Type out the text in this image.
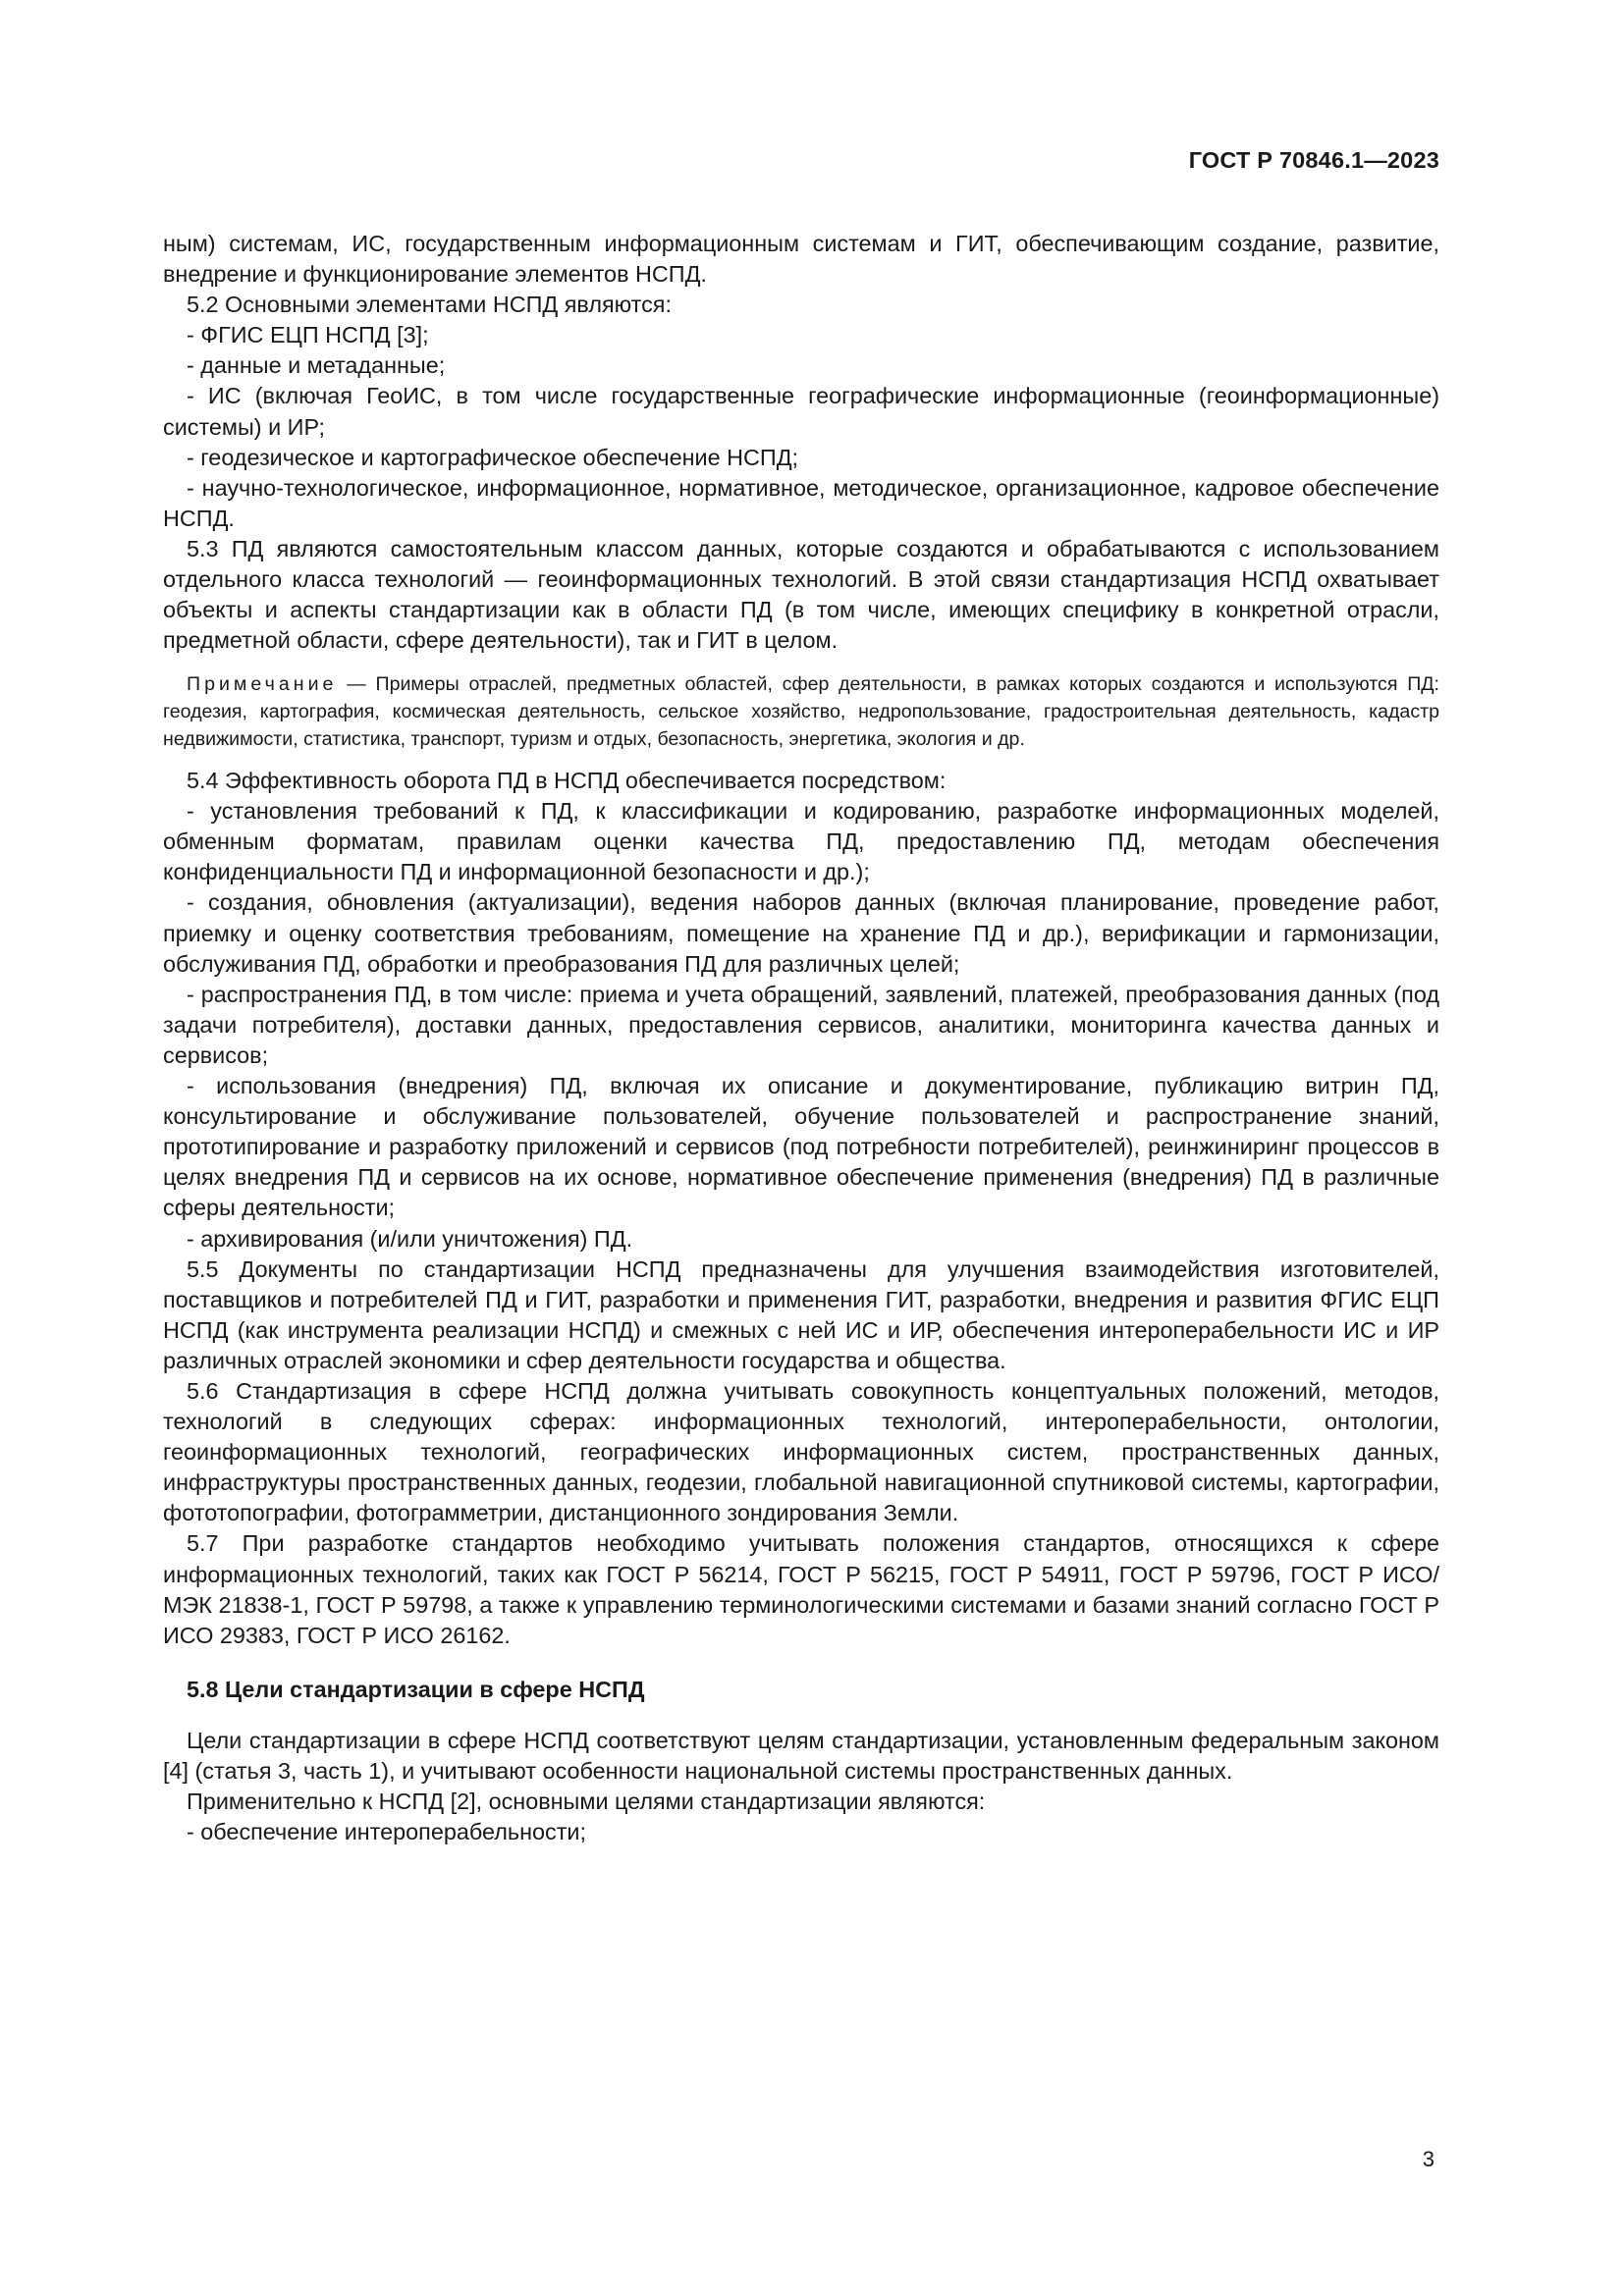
ГОСТ Р 70846.1—2023

ным) системам, ИС, государственным информационным системам и ГИТ, обеспечивающим создание, развитие, внедрение и функционирование элементов НСПД.

5.2 Основными элементами НСПД являются:

- ФГИС ЕЦП НСПД [3];

- данные и метаданные;

- ИС (включая ГеоИС, в том числе государственные географические информационные (геоинформационные) системы) и ИР;

- геодезическое и картографическое обеспечение НСПД;

- научно-технологическое, информационное, нормативное, методическое, организационное, кадровое обеспечение НСПД.

5.3 ПД являются самостоятельным классом данных, которые создаются и обрабатываются с использованием отдельного класса технологий — геоинформационных технологий. В этой связи стандартизация НСПД охватывает объекты и аспекты стандартизации как в области ПД (в том числе, имеющих специфику в конкретной отрасли, предметной области, сфере деятельности), так и ГИТ в целом.

Примечание — Примеры отраслей, предметных областей, сфер деятельности, в рамках которых создаются и используются ПД: геодезия, картография, космическая деятельность, сельское хозяйство, недропользование, градостроительная деятельность, кадастр недвижимости, статистика, транспорт, туризм и отдых, безопасность, энергетика, экология и др.

5.4 Эффективность оборота ПД в НСПД обеспечивается посредством:

- установления требований к ПД, к классификации и кодированию, разработке информационных моделей, обменным форматам, правилам оценки качества ПД, предоставлению ПД, методам обеспечения конфиденциальности ПД и информационной безопасности и др.);

- создания, обновления (актуализации), ведения наборов данных (включая планирование, проведение работ, приемку и оценку соответствия требованиям, помещение на хранение ПД и др.), верификации и гармонизации, обслуживания ПД, обработки и преобразования ПД для различных целей;

- распространения ПД, в том числе: приема и учета обращений, заявлений, платежей, преобразования данных (под задачи потребителя), доставки данных, предоставления сервисов, аналитики, мониторинга качества данных и сервисов;

- использования (внедрения) ПД, включая их описание и документирование, публикацию витрин ПД, консультирование и обслуживание пользователей, обучение пользователей и распространение знаний, прототипирование и разработку приложений и сервисов (под потребности потребителей), реинжиниринг процессов в целях внедрения ПД и сервисов на их основе, нормативное обеспечение применения (внедрения) ПД в различные сферы деятельности;

- архивирования (и/или уничтожения) ПД.

5.5 Документы по стандартизации НСПД предназначены для улучшения взаимодействия изготовителей, поставщиков и потребителей ПД и ГИТ, разработки и применения ГИТ, разработки, внедрения и развития ФГИС ЕЦП НСПД (как инструмента реализации НСПД) и смежных с ней ИС и ИР, обеспечения интероперабельности ИС и ИР различных отраслей экономики и сфер деятельности государства и общества.

5.6 Стандартизация в сфере НСПД должна учитывать совокупность концептуальных положений, методов, технологий в следующих сферах: информационных технологий, интероперабельности, онтологии, геоинформационных технологий, географических информационных систем, пространственных данных, инфраструктуры пространственных данных, геодезии, глобальной навигационной спутниковой системы, картографии, фототопографии, фотограмметрии, дистанционного зондирования Земли.

5.7 При разработке стандартов необходимо учитывать положения стандартов, относящихся к сфере информационных технологий, таких как ГОСТ Р 56214, ГОСТ Р 56215, ГОСТ Р 54911, ГОСТ Р 59796, ГОСТ Р ИСО/МЭК 21838-1, ГОСТ Р 59798, а также к управлению терминологическими системами и базами знаний согласно ГОСТ Р ИСО 29383, ГОСТ Р ИСО 26162.

5.8 Цели стандартизации в сфере НСПД

Цели стандартизации в сфере НСПД соответствуют целям стандартизации, установленным федеральным законом [4] (статья 3, часть 1), и учитывают особенности национальной системы пространственных данных.

Применительно к НСПД [2], основными целями стандартизации являются:

- обеспечение интероперабельности;

3
